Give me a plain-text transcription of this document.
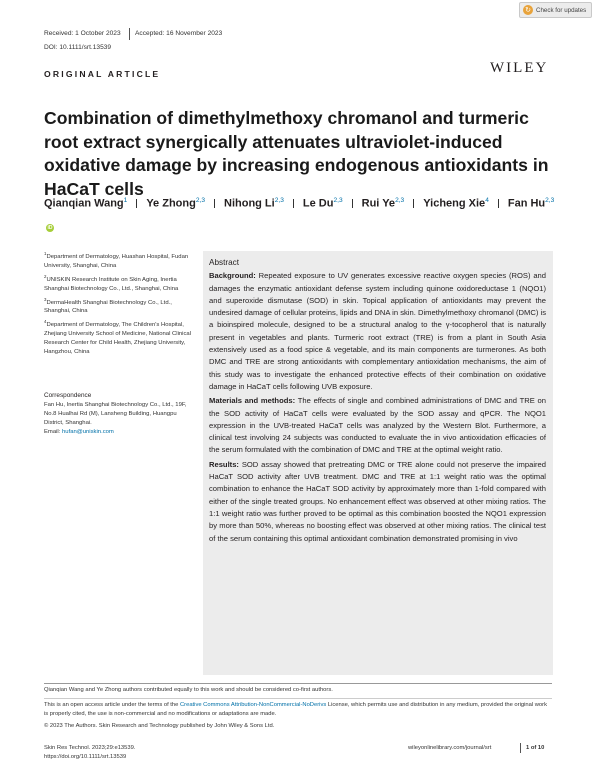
Received: 1 October 2023 Accepted: 16 November 2023
DOI: 10.1111/srt.13539
↻ Check for updates
ORIGINAL ARTICLE	WILEY
Combination of dimethylmethoxy chromanol and turmeric root extract synergically attenuates ultraviolet-induced oxidative damage by increasing endogenous antioxidants in HaCaT cells
Qianqian Wang$^1$ Ye Zhong$^{2,3}$ Nihong Li$^{2,3}$ Le Du$^{2,3}$ Rui Ye$^{2,3}$ Yicheng Xie$^4$ Fan Hu$^{2,3}$iD
$^1$Department of Dermatology, Huashan Hospital, Fudan University, Shanghai, China
$^2$UNISKIN Research Institute on Skin Aging, Inertia Shanghai Biotechnology Co., Ltd., Shanghai, China
$^3$DermaHealth Shanghai Biotechnology Co., Ltd., Shanghai, China
$^4$Department of Dermatology, The Children's Hospital, Zhejiang University School of Medicine, National Clinical Research Center for Child Health, Zhejiang University, Hangzhou, China
Correspondence
Fan Hu, Inertia Shanghai Biotechnology Co., Ltd., 19F, No.8 Hualhai Rd (M), Lansheng Building, Huangpu District, Shanghai.
Email: hufan@uniskin.com
Abstract

Background: Repeated exposure to UV generates excessive reactive oxygen species (ROS) and damages the enzymatic antioxidant defense system including quinone oxidoreductase 1 (NQO1) and superoxide dismutase (SOD) in skin. Topical application of antioxidants may prevent the undesired damage of cellular proteins, lipids and DNA in skin. Dimethylmethoxy chromanol (DMC) is a bioinspired molecule, designed to be a structural analog to the γ-tocopherol that is naturally present in vegetables and plants. Turmeric root extract (TRE) is from a plant in South Asia extensively used as a food spice & vegetable, and its main components are turmerones. As both DMC and TRE are strong antioxidants with complementary antioxidation mechanisms, the aim of this study was to investigate the enhanced protective effects of their combination on oxidative damage in HaCaT cells following UVB exposure.

Materials and methods: The effects of single and combined administrations of DMC and TRE on the SOD activity of HaCaT cells were evaluated by the SOD assay and qPCR. The NQO1 expression in the UVB-treated HaCaT cells was analyzed by the Western Blot. Furthermore, a clinical test involving 24 subjects was conducted to evaluate the in vivo antioxidation efficacies of the serum formulated with the combination of DMC and TRE at the optimal weight ratio.

Results: SOD assay showed that pretreating DMC or TRE alone could not preserve the impaired HaCaT SOD activity after UVB treatment. DMC and TRE at 1:1 weight ratio was the optimal combination to enhance the HaCaT SOD activity by approximately more than 1-fold compared with either of the single treated groups. No enhancement effect was observed at other mixing ratios. The 1:1 weight ratio was further proved to be optimal as this combination boosted the NQO1 expression by more than 50%, whereas no boosting effect was observed at other mixing ratios. The clinical test of the serum containing this optimal antioxidant combination demonstrated promising in vivo

Qianqian Wang and Ye Zhong authors contributed equally to this work and should be considered co-first authors.
This is an open access article under the terms of the Creative Commons Attribution-NonCommercial-NoDerivs License, which permits use and distribution in any medium, provided the original work is properly cited, the use is non-commercial and no modifications or adaptations are made.
© 2023 The Authors. Skin Research and Technology published by John Wiley & Sons Ltd.
Skin Res Technol. 2023;29:e13539.
https://doi.org/10.1111/srt.13539
wileyonlinelibrary.com/journal/srt	1 of 10
